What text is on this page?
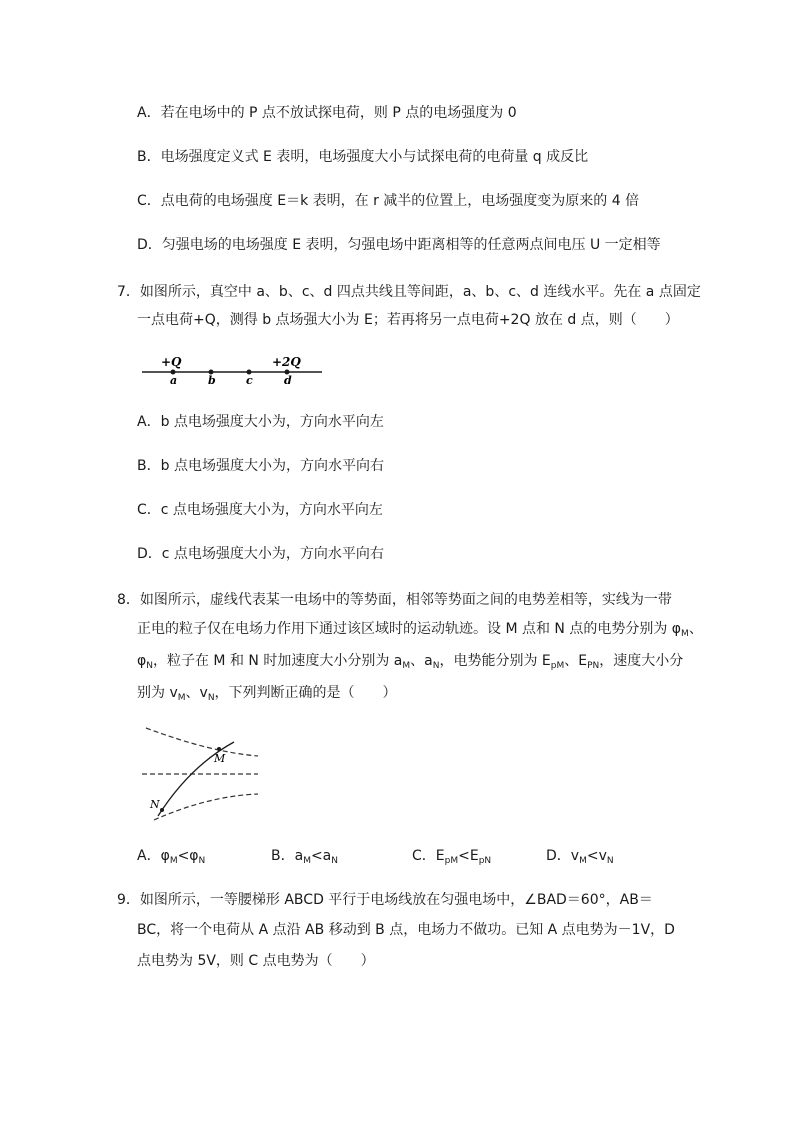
A．若在电场中的 P 点不放试探电荷，则 P 点的电场强度为 0
B．电场强度定义式 E 表明，电场强度大小与试探电荷的电荷量 q 成反比
C．点电荷的电场强度 E＝k 表明，在 r 减半的位置上，电场强度变为原来的 4 倍
D．匀强电场的电场强度 E 表明，匀强电场中距离相等的任意两点间电压 U 一定相等
7．如图所示，真空中 a、b、c、d 四点共线且等间距，a、b、c、d 连线水平。先在 a 点固定
一点电荷+Q，测得 b 点场强大小为 E；若再将另一点电荷+2Q 放在 d 点，则（　　）
+Q	+2Q
a	b	c	d
A．b 点电场强度大小为，方向水平向左
B．b 点电场强度大小为，方向水平向右
C．c 点电场强度大小为，方向水平向左
D．c 点电场强度大小为，方向水平向右
8．如图所示，虚线代表某一电场中的等势面，相邻等势面之间的电势差相等，实线为一带
正电的粒子仅在电场力作用下通过该区域时的运动轨迹。设 M 点和 N 点的电势分别为 $\varphi_M$、
$\varphi_N$，粒子在 M 和 N 时加速度大小分别为 $a_M$、$a_N$，电势能分别为 $E_{pM}$、$E_{PN}$，速度大小分
别为 $v_M$、$v_N$，下列判断正确的是（　　）
M
N
A．$\varphi_M<\varphi_N$	B．$a_M<a_N$	C．$E_{pM}<E_{pN}$	D．$v_M<v_N$
9．如图所示，一等腰梯形 ABCD 平行于电场线放在匀强电场中，∠BAD＝60°，AB＝
BC，将一个电荷从 A 点沿 AB 移动到 B 点，电场力不做功。已知 A 点电势为－1V，D
点电势为 5V，则 C 点电势为（　　）
